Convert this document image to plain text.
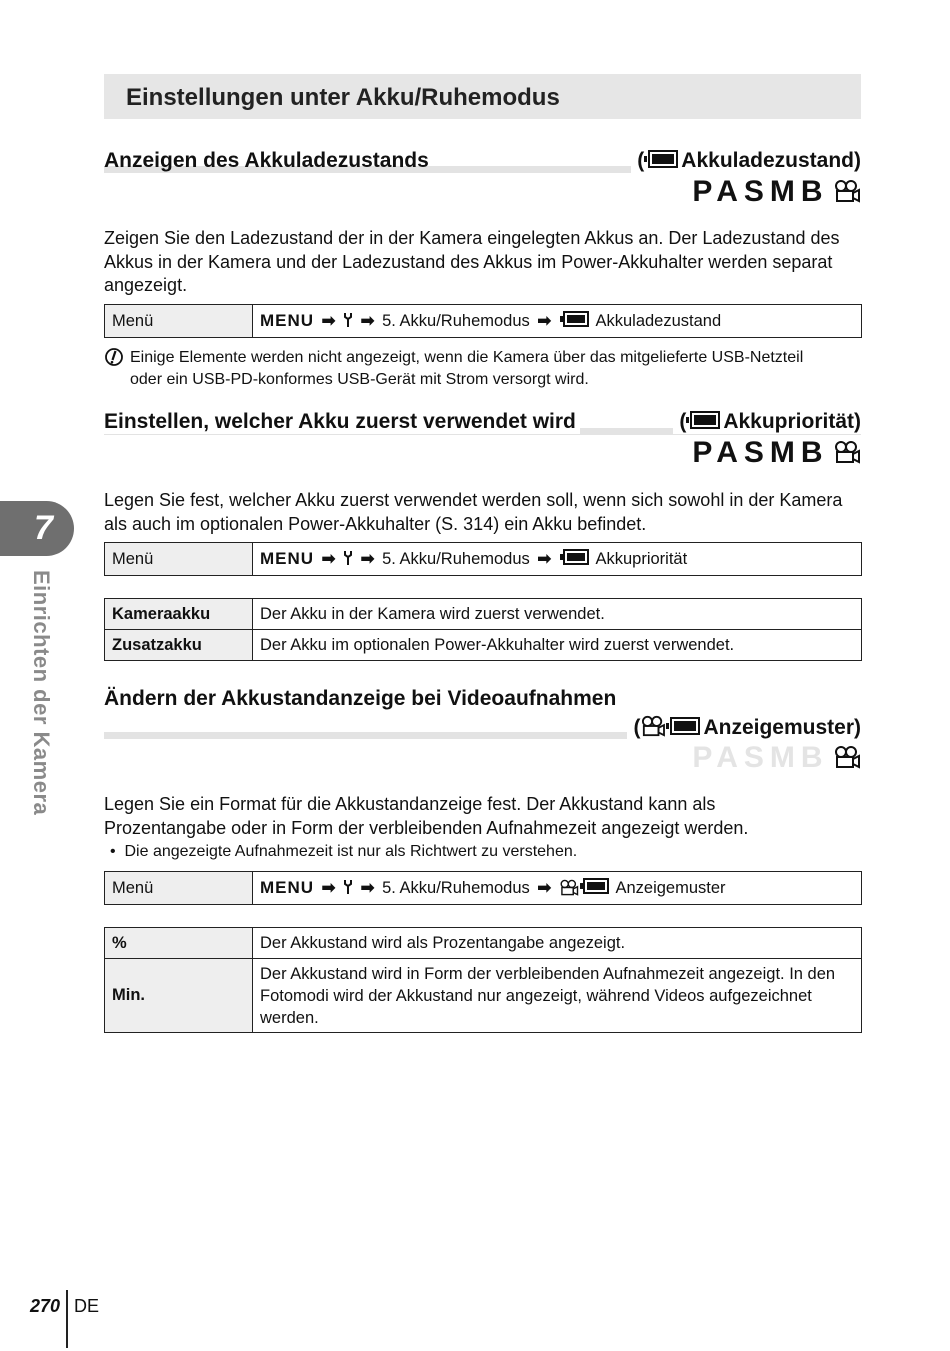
Einstellungen unter Akku/Ruhemodus
Anzeigen des Akkuladezustands	( Akkuladezustand)
PASMB
Zeigen Sie den Ladezustand der in der Kamera eingelegten Akkus an. Der Ladezustand des Akkus in der Kamera und der Ladezustand des Akkus im Power-Akkuhalter werden separat angezeigt.
Menü	MENU ➡ ➡ 5. Akku/Ruhemodus ➡	Akkuladezustand
Einige Elemente werden nicht angezeigt, wenn die Kamera über das mitgelieferte USB-Netzteil oder ein USB-PD-konformes USB-Gerät mit Strom versorgt wird.
Einstellen, welcher Akku zuerst verwendet wird	( Akkupriorität)
PASMB
Legen Sie fest, welcher Akku zuerst verwendet werden soll, wenn sich sowohl in der Kamera als auch im optionalen Power-Akkuhalter (S. 314) ein Akku befindet.
Menü	MENU ➡ ➡ 5. Akku/Ruhemodus ➡	Akkupriorität
Kameraakku	Der Akku in der Kamera wird zuerst verwendet.
Zusatzakku	Der Akku im optionalen Power-Akkuhalter wird zuerst verwendet.
Ändern der Akkustandanzeige bei Videoaufnahmen
(	Anzeigemuster)
PASMB
Legen Sie ein Format für die Akkustandanzeige fest. Der Akkustand kann als Prozentangabe oder in Form der verbleibenden Aufnahmezeit angezeigt werden.
•  Die angezeigte Aufnahmezeit ist nur als Richtwert zu verstehen.
Menü	MENU ➡ ➡ 5. Akku/Ruhemodus ➡	Anzeigemuster
%	Der Akkustand wird als Prozentangabe angezeigt.
Min.	Der Akkustand wird in Form der verbleibenden Aufnahmezeit angezeigt. In den Fotomodi wird der Akkustand nur angezeigt, während Videos aufgezeichnet werden.
7
Einrichten der Kamera
270 DE
